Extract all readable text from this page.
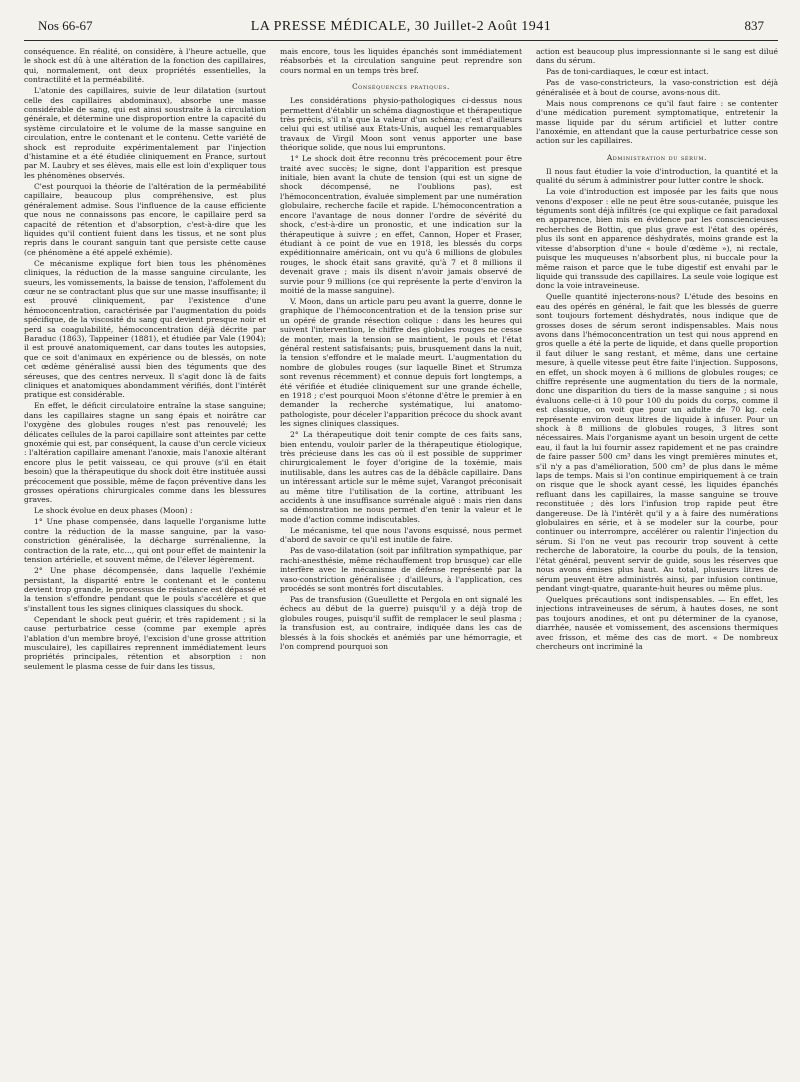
Nos 66-67	LA PRESSE MÉDICALE, 30 Juillet-2 Août 1941	837

conséquence. En réalité, on considère, à l'heure actuelle, que le shock est dû à une altération de la fonction des capillaires, qui, normalement, ont deux propriétés essentielles, la contractilité et la perméabilité.

L'atonie des capillaires, suivie de leur dilatation (surtout celle des capillaires abdominaux), absorbe une masse considérable de sang, qui est ainsi soustraite à la circulation générale, et détermine une disproportion entre la capacité du système circulatoire et le volume de la masse sanguine en circulation, entre le contenant et le contenu. Cette variété de shock est reproduite expérimentalement par l'injection d'histamine et a été étudiée cliniquement en France, surtout par M. Laubry et ses élèves, mais elle est loin d'expliquer tous les phénomènes observés.

C'est pourquoi la théorie de l'altération de la perméabilité capillaire, beaucoup plus compréhensive, est plus généralement admise. Sous l'influence de la cause efficiente que nous ne connaissons pas encore, le capillaire perd sa capacité de rétention et d'absorption, c'est-à-dire que les liquides qu'il contient fuient dans les tissus, et ne sont plus repris dans le courant sanguin tant que persiste cette cause (ce phénomène a été appelé exhémie).

Ce mécanisme explique fort bien tous les phénomènes cliniques, la réduction de la masse sanguine circulante, les sueurs, les vomissements, la baisse de tension, l'affolement du cœur ne se contractant plus que sur une masse insuffisante; il est prouvé cliniquement, par l'existence d'une hémoconcentration, caractérisée par l'augmentation du poids spécifique, de la viscosité du sang qui devient presque noir et perd sa coagulabilité, hémoconcentration déjà décrite par Baraduc (1863), Tappeiner (1881), et étudiée par Vale (1904); il est prouvé anatomiquement, car dans toutes les autopsies, que ce soit d'animaux en expérience ou de blessés, on note cet œdème généralisé aussi bien des téguments que des séreuses, que des centres nerveux. Il s'agit donc là de faits cliniques et anatomiques abondamment vérifiés, dont l'intérêt pratique est considérable.

En effet, le déficit circulatoire entraîne la stase sanguine; dans les capillaires stagne un sang épais et noirâtre car l'oxygène des globules rouges n'est pas renouvelé; les délicates cellules de la paroi capillaire sont atteintes par cette gnoxémie qui est, par conséquent, la cause d'un cercle vicieux : l'altération capillaire amenant l'anoxie, mais l'anoxie altérant encore plus le petit vaisseau, ce qui prouve (s'il en était besoin) que la thérapeutique du shock doit être instituée aussi précocement que possible, même de façon préventive dans les grosses opérations chirurgicales comme dans les blessures graves.

Le shock évolue en deux phases (Moon) :

1° Une phase compensée, dans laquelle l'organisme lutte contre la réduction de la masse sanguine, par la vaso-constriction généralisée, la décharge surrénalienne, la contraction de la rate, etc..., qui ont pour effet de maintenir la tension artérielle, et souvent même, de l'élever légèrement.

2° Une phase décompensée, dans laquelle l'exhémie persistant, la disparité entre le contenant et le contenu devient trop grande, le processus de résistance est dépassé et la tension s'effondre pendant que le pouls s'accélère et que s'installent tous les signes cliniques classiques du shock.

Cependant le shock peut guérir, et très rapidement ; si la cause perturbatrice cesse (comme par exemple après l'ablation d'un membre broyé, l'excision d'une grosse attrition musculaire), les capillaires reprennent immédiatement leurs propriétés principales, rétention et absorption : non seulement le plasma cesse de fuir dans les tissus,

mais encore, tous les liquides épanchés sont immédiatement réabsorbés et la circulation sanguine peut reprendre son cours normal en un temps très bref.

Conséquences pratiques.

Les considérations physio-pathologiques ci-dessus nous permettent d'établir un schéma diagnostique et thérapeutique très précis, s'il n'a que la valeur d'un schéma; c'est d'ailleurs celui qui est utilisé aux Etats-Unis, auquel les remarquables travaux de Virgil Moon sont venus apporter une base théorique solide, que nous lui empruntons.

1° Le shock doit être reconnu très précocement pour être traité avec succès; le signe, dont l'apparition est presque initiale, bien avant la chute de tension (qui est un signe de shock décompensé, ne l'oublions pas), est l'hémoconcentration, évaluée simplement par une numération globulaire, recherche facile et rapide. L'hémoconcentration a encore l'avantage de nous donner l'ordre de sévérité du shock, c'est-à-dire un pronostic, et une indication sur la thérapeutique à suivre ; en effet, Cannon, Hoper et Fraser, étudiant à ce point de vue en 1918, les blessés du corps expéditionnaire américain, ont vu qu'à 6 millions de globules rouges, le shock était sans gravité, qu'à 7 et 8 millions il devenait grave ; mais ils disent n'avoir jamais observé de survie pour 9 millions (ce qui représente la perte d'environ la moitié de la masse sanguine).

V. Moon, dans un article paru peu avant la guerre, donne le graphique de l'hémoconcentration et de la tension prise sur un opéré de grande résection colique : dans les heures qui suivent l'intervention, le chiffre des globules rouges ne cesse de monter, mais la tension se maintient, le pouls et l'état général restent satisfaisants; puis, brusquement dans la nuit, la tension s'effondre et le malade meurt. L'augmentation du nombre de globules rouges (sur laquelle Binet et Strumza sont revenus récemment) et connue depuis fort longtemps, a été vérifiée et étudiée cliniquement sur une grande échelle, en 1918 ; c'est pourquoi Moon s'étonne d'être le premier à en demander la recherche systématique, lui anatomo-pathologiste, pour déceler l'apparition précoce du shock avant les signes cliniques classiques.

2° La thérapeutique doit tenir compte de ces faits sans, bien entendu, vouloir parler de la thérapeutique étiologique, très précieuse dans les cas où il est possible de supprimer chirurgicalement le foyer d'origine de la toxémie, mais inutilisable, dans les autres cas de la débâcle capillaire. Dans un intéressant article sur le même sujet, Varangot préconisait au même titre l'utilisation de la cortine, attribuant les accidents à une insuffisance surrénale aiguë : mais rien dans sa démonstration ne nous permet d'en tenir la valeur et le mode d'action comme indiscutables.

Le mécanisme, tel que nous l'avons esquissé, nous permet d'abord de savoir ce qu'il est inutile de faire.

Pas de vaso-dilatation (soit par infiltration sympathique, par rachi-anesthésie, même réchauffement trop brusque) car elle interfère avec le mécanisme de défense représenté par la vaso-constriction généralisée ; d'ailleurs, à l'application, ces procédés se sont montrés fort discutables.

Pas de transfusion (Gueullette et Pergola en ont signalé les échecs au début de la guerre) puisqu'il y a déjà trop de globules rouges, puisqu'il suffit de remplacer le seul plasma ; la transfusion est, au contraire, indiquée dans les cas de blessés à la fois shockés et anémiés par une hémorragie, et l'on comprend pourquoi son

action est beaucoup plus impressionnante si le sang est dilué dans du sérum.

Pas de toni-cardiaques, le cœur est intact.

Pas de vaso-constricteurs, la vaso-constriction est déjà généralisée et à bout de course, avons-nous dit.

Mais nous comprenons ce qu'il faut faire : se contenter d'une médication purement symptomatique, entretenir la masse liquide par du sérum artificiel et lutter contre l'anoxémie, en attendant que la cause perturbatrice cesse son action sur les capillaires.

Administration du sérum.

Il nous faut étudier la voie d'introduction, la quantité et la qualité du sérum à administrer pour lutter contre le shock.

La voie d'introduction est imposée par les faits que nous venons d'exposer : elle ne peut être sous-cutanée, puisque les téguments sont déjà infiltrés (ce qui explique ce fait paradoxal en apparence, bien mis en évidence par les consciencieuses recherches de Bottin, que plus grave est l'état des opérés, plus ils sont en apparence déshydratés, moins grande est la vitesse d'absorption d'une « boule d'œdème »), ni rectale, puisque les muqueuses n'absorbent plus, ni buccale pour la même raison et parce que le tube digestif est envahi par le liquide qui transsude des capillaires. La seule voie logique est donc la voie intraveineuse.

Quelle quantité injecterons-nous? L'étude des besoins en eau des opérés en général, le fait que les blessés de guerre sont toujours fortement déshydratés, nous indique que de grosses doses de sérum seront indispensables. Mais nous avons dans l'hémoconcentration un test qui nous apprend en gros quelle a été la perte de liquide, et dans quelle proportion il faut diluer le sang restant, et même, dans une certaine mesure, à quelle vitesse peut être faite l'injection. Supposons, en effet, un shock moyen à 6 millions de globules rouges; ce chiffre représente une augmentation du tiers de la normale, donc une disparition du tiers de la masse sanguine ; si nous évaluons celle-ci à 10 pour 100 du poids du corps, comme il est classique, on voit que pour un adulte de 70 kg. cela représente environ deux litres de liquide à infuser. Pour un shock à 8 millions de globules rouges, 3 litres sont nécessaires. Mais l'organisme ayant un besoin urgent de cette eau, il faut la lui fournir assez rapidement et ne pas craindre de faire passer 500 cm³ dans les vingt premières minutes et, s'il n'y a pas d'amélioration, 500 cm³ de plus dans le même laps de temps. Mais si l'on continue empiriquement à ce train on risque que le shock ayant cessé, les liquides épanchés refluant dans les capillaires, la masse sanguine se trouve reconstituée ; dès lors l'infusion trop rapide peut être dangereuse. De là l'intérêt qu'il y a à faire des numérations globulaires en série, et à se modeler sur la courbe, pour continuer ou interrompre, accélérer ou ralentir l'injection du sérum. Si l'on ne veut pas recourir trop souvent à cette recherche de laboratoire, la courbe du pouls, de la tension, l'état général, peuvent servir de guide, sous les réserves que nous avons émises plus haut. Au total, plusieurs litres de sérum peuvent être administrés ainsi, par infusion continue, pendant vingt-quatre, quarante-huit heures ou même plus.

Quelques précautions sont indispensables. — En effet, les injections intraveineuses de sérum, à hautes doses, ne sont pas toujours anodines, et ont pu déterminer de la cyanose, diarrhée, nausée et vomissement, des ascensions thermiques avec frisson, et même des cas de mort. « De nombreux chercheurs ont incriminé la
